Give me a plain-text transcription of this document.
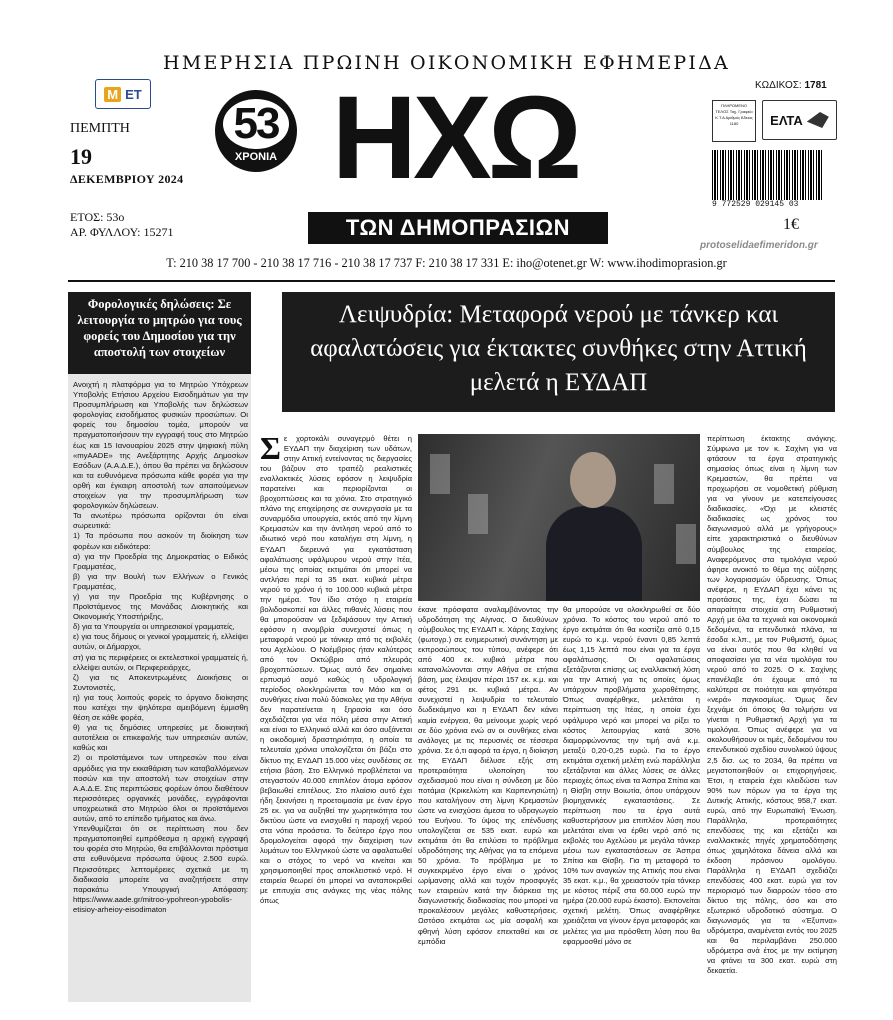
ΗΜΕΡΗΣΙΑ ΠΡΩΙΝΗ ΟΙΚΟΝΟΜΙΚΗ ΕΦΗΜΕΡΙΔΑ
M ET
ΠΕΜΠΤΗ
19
ΔΕΚΕΜΒΡΙΟΥ 2024
ΕΤΟΣ: 53ο
ΑΡ. ΦΥΛΛΟΥ: 15271
53
ΧΡΟΝΙΑ ΗΧΩ
ΤΩΝ ΔΗΜΟΠΡΑΣΙΩΝ
ΚΩΔΙΚΟΣ: 1781
ΠΛΗΡΩΜΕΝΟ ΤΕΛΟΣ Ταχ. Γραφείο Κ.Τ.Α Αριθμός Άδειας 1180	ΕΛΤΑ
9 772529 029145 03
1€
protoselidaefimeridon.gr
Τ: 210 38 17 700 - 210 38 17 716 - 210 38 17 737 F: 210 38 17 331 E: iho@otenet.gr W: www.ihodimoprasion.gr
Φορολογικές δηλώσεις: Σε λειτουργία το μητρώο για τους φορείς του Δημοσίου για την αποστολή των στοιχείων

Ανοιχτή η πλατφόρμα για το Μητρώο Υπόχρεων Υποβολής Ετήσιου Αρχείου Εισοδημάτων για την Προσυμπλήρωση και Υποβολής των δηλώσεων φορολογίας εισοδήματος φυσικών προσώπων. Οι φορείς του δημοσίου τομέα, μπορούν να πραγματοποιήσουν την εγγραφή τους στο Μητρώο έως και 15 Ιανουαρίου 2025 στην ψηφιακή πύλη «myAADE» της Ανεξάρτητης Αρχής Δημοσίων Εσόδων (Α.Α.Δ.Ε.), όπου θα πρέπει να δηλώσουν και τα ευθυνόμενα πρόσωπα κάθε φορέα για την ορθή και έγκαιρη αποστολή των απαιτούμενων στοιχείων για την προσυμπλήρωση των φορολογικών δηλώσεων.

Τα ανωτέρω πρόσωπα ορίζονται ότι είναι σωρευτικά:

1) Τα πρόσωπα που ασκούν τη διοίκηση των φορέων και ειδικότερα:

α) για την Προεδρία της Δημοκρατίας ο Ειδικός Γραμματέας,

β) για την Βουλή των Ελλήνων ο Γενικός Γραμματέας,

γ) για την Προεδρία της Κυβέρνησης ο Προϊστάμενος της Μονάδας Διοικητικής και Οικονομικής Υποστήριξης,

δ) για τα Υπουργεία οι υπηρεσιακοί γραμματείς,

ε) για τους δήμους οι γενικοί γραμματείς ή, ελλείψει αυτών, οι Δήμαρχοι,

στ) για τις περιφέρειες οι εκτελεστικοί γραμματείς ή, ελλείψει αυτών, οι Περιφερειάρχες,

ζ) για τις Αποκεντρωμένες Διοικήσεις οι Συντονιστές,

η) για τους λοιπούς φορείς το όργανο διοίκησης που κατέχει την ψηλότερα αμειβόμενη έμμισθη θέση σε κάθε φορέα,

θ) για τις δημόσιες υπηρεσίες με διοικητική αυτοτέλεια οι επικεφαλής των υπηρεσιών αυτών, καθώς και

2) οι προϊστάμενοι των υπηρεσιών που είναι αρμόδιες για την εκκαθάριση των καταβαλλόμενων ποσών και την αποστολή των στοιχείων στην Α.Α.Δ.Ε. Στις περιπτώσεις φορέων όπου διαθέτουν περισσότερες οργανικές μονάδες, εγγράφονται υποχρεωτικά στο Μητρώο όλοι οι προϊστάμενοι αυτών, από το επίπεδο τμήματος και άνω.

Υπενθυμίζεται ότι σε περίπτωση που δεν πραγματοποιηθεί εμπρόθεσμα η αρχική εγγραφή του φορέα στο Μητρώο, θα επιβάλλονται πρόστιμα στα ευθυνόμενα πρόσωπα ύψους 2.500 ευρώ. Περισσότερες λεπτομέρειες σχετικά με τη διαδικασία μπορείτε να αναζητήσετε στην παρακάτω Υπουργική Απόφαση: https://www.aade.gr/mitroo-ypohreon-ypobolis-etisioy-arheioy-eisodimaton

Λειψυδρία: Μεταφορά νερού με τάνκερ και αφαλατώσεις για έκτακτες συνθήκες στην Αττική μελετά η ΕΥΔΑΠ
Σε χορτοκάλι συναγερμό θέτει η ΕΥΔΑΠ την διαχείριση των υδάτων, στην Αττική εντείνοντας τις διεργασίες του βάζουν στο τραπέζι ρεαλιστικές εναλλακτικές λύσεις εφόσον η λειψυδρία παρατείνει και περιορίζονται οι βροχοπτώσεις και τα χιόνια. Στο στρατηγικό πλάνο της επιχείρησης σε συνεργασία με τα συναρμόδια υπουργεία, εκτός από την λίμνη Κρεμαστών και την άντληση νερού από το ιδιωτικό νερό που καταλήγει στη λίμνη, η ΕΥΔΑΠ διερευνά για εγκατάσταση αφαλάτωσης υφάλμυρου νερού στην Ιτέα, μέσω της οποίας εκτιμάται ότι μπορεί να αντλήσει περί τα 35 εκατ. κυβικά μέτρα νερού το χρόνο ή το 100.000 κυβικά μέτρα την ημέρα. Τον ίδιο στόχο η εταιρεία βολιδοσκοπεί και άλλες πιθανές λύσεις που θα μπορούσαν να ξεδιψάσουν την Αττική εφόσον η ανομβρία συνεχιστεί όπως η μεταφορά νερού με τάνκερ από τις εκβολές του Αχελώου. Ο Νοέμβριος ήταν καλύτερος από τον Οκτώβριο από πλευράς βροχοπτώσεων. Όμως αυτό δεν σημαίνει ερπυσμό ασμό καθώς η υδρολογική περίοδος ολοκληρώνεται τον Μάιο και οι συνθήκες είναι πολύ δύσκολες για την Αθήνα δεν παρατείνεται η ξηρασία και όσο σχεδιάζεται για νέα πόλη μέσα στην Αττική και είναι το Ελληνικό αλλά και όσο αυξάνεται η οικοδομική δραστηριότητα, η οποία τα τελευταία χρόνια υπολογίζεται ότι βάζει στο δίκτυο της ΕΥΔΑΠ 15.000 νέες συνδέσεις σε ετήσια βάση. Στο Ελληνικό προβλέπεται να στεγαστούν 40.000 επιπλέον άτομα εφόσον βεβαιωθεί επιτέλους. Στο πλαίσιο αυτό έχει ήδη ξεκινήσει η προετοιμασία με έναν έργο 25 εκ. για να αυξηθεί την χωρητικότητα του δικτύου ώστε να ενισχυθεί η παροχή νερού στα νότια προάστια. Το δεύτερο έργο που δρομολογείται αφορά την διαχείριση των λυμάτων του Ελληνικού ώστε να αφαλατωθεί και ο στόχος το νερό να κινείται και χρησιμοποιηθεί προς αποκλειστικό νερό. Η εταιρεία θεωρεί ότι μπορεί να ανταποκριθεί με επιτυχία στις ανάγκες της νέας πόλης όπως
έκανε πρόσφατα αναλαμβάνοντας την υδροδότηση της Αίγινας. Ο διευθύνων σύμβουλος της ΕΥΔΑΠ κ. Χάρης Σαχίνης (φωτογρ.) σε ενημερωτική συνάντηση με εκπροσώπους του τύπου, ανέφερε ότι από 400 εκ. κυβικά μέτρα που καταναλώνονται στην Αθήνα σε ετήσια βάση, μας έλειψαν πέρσι 157 εκ. κ.μ. και φέτος 291 εκ. κυβικά μέτρα. Αν συνεχιστεί η λειψυδρία το τελευταίο δωδεκάμηνο και η ΕΥΔΑΠ δεν κάνει καμία ενέργεια, θα μείνουμε χωρίς νερό σε δύο χρόνια ενώ αν οι συνθήκες είναι ανάλογες με τις περυσινές σε τέσσερα χρόνια. Σε ό,τι αφορά τα έργα, η διοίκηση της ΕΥΔΑΠ διέλυσε εξής στη προτεραιότητα υλοποίηση του σχεδιασμού που είναι η σύνδεση με δύο ποτάμια (Κρικελιώτη και Καρπενησιώτη) που καταλήγουν στη λίμνη Κρεμαστών ώστε να ενισχύσει άμεσα το υδραγωγείο του Ευήνου. Το ύψος της επένδυσης υπολογίζεται σε 535 εκατ. ευρώ και εκτιμάται ότι θα επιλύσει το πρόβλημα υδροδότησης της Αθήνας για τα επόμενα 50 χρόνια. Το πρόβλημα με το συγκεκριμένο έργο είναι ο χρόνος ωρίμανσης αλλά και τυχόν προσφυγές των εταιρειών κατά την διάρκεια της διαγωνιστικής διαδικασίας που μπορεί να προκαλέσουν μεγάλες καθυστερήσεις. Ωστόσο εκτιμάται ως μία ασφαλή και φθηνή λύση εφόσον επεκταθεί και σε εμπόδια
θα μπορούσε να ολοκληρωθεί σε δύο χρόνια. Το κόστος του νερού από το έργο εκτιμάται ότι θα κοστίζει από 0,15 ευρώ το κ.μ. νερού έναντι 0,85 λεπτά έως 1,15 λεπτά που είναι για τα έργα αφαλάτωσης. Οι αφαλατώσεις εξετάζονται επίσης ως εναλλακτική λύση για την Αττική για τις οποίες όμως υπάρχουν προβλήματα χωροθέτησης. Όπως αναφέρθηκε, μελετάται η περίπτωση της Ιτέας, η οποία έχει υφάλμυρο νερό και μπορεί να ρίξει το κόστος λειτουργίας κατά 30% διαμορφώνοντας την τιμή ανά κ.μ. μεταξύ 0,20-0,25 ευρώ. Για το έργο εκτιμάται σχετική μελέτη ενώ παράλληλα εξετάζονται και άλλες λύσεις σε άλλες περιοχές όπως είναι τα Άσπρα Σπίτια και η Θίσβη στην Βοιωτία, όπου υπάρχουν βιομηχανικές εγκαταστάσεις. Σε περίπτωση που τα έργα αυτά καθυστερήσουν μια επιπλέον λύση που μελετάται είναι να έρθει νερό από τις εκβολές του Αχελώου με μεγάλα τάνκερ μέσω των εγκαταστάσεων σε Άσπρα Σπίτια και Θίσβη. Για τη μεταφορά το 10% των αναγκών της Αττικής που είναι 35 εκατ. κ.μ., θα χρειαστούν τρία τάνκερ με κόστος πέριξ στα 60.000 ευρώ την ημέρα (20.000 ευρώ έκαστο). Εκπονείται σχετική μελέτη. Όπως αναφέρθηκε χρειάζεται να γίνουν έργα μεταφοράς και μελέτες για μια πρόσθετη λύση που θα εφαρμοσθεί μόνο σε
περίπτωση έκτακτης ανάγκης. Σύμφωνα με τον κ. Σαχίνη για να φτάσουν τα έργα στρατηγικής σημασίας όπως είναι η λίμνη των Κρεμαστών, θα πρέπει να προχωρήσει σε νομοθετική ρύθμιση για να γίνουν με κατεπείγουσες διαδικασίες. «Όχι με κλειστές διαδικασίες ως χρόνος του διαγωνισμού αλλά με γρήγορους» είπε χαρακτηριστικά ο διευθύνων σύμβουλος της εταιρείας. Αναφερόμενος στα τιμολόγια νερού άφησε ανοικτό το θέμα της αύξησης των λογαριασμών ύδρευσης. Όπως ανέφερε, η ΕΥΔΑΠ έχει κάνει τις προτάσεις της, έχει δώσει τα απαραίτητα στοιχεία στη Ρυθμιστική Αρχή με όλα τα τεχνικά και οικονομικά δεδομένα, τα επενδυτικά πλάνα, τα έσοδα κ.λπ., με τον Ρυθμιστή, όμως να είναι αυτός που θα κληθεί να αποφασίσει για τα νέα τιμολόγια του νερού από το 2025. Ο κ. Σαχίνης επανέλαβε ότι έχουμε από τα καλύτερα σε ποιότητα και φτηνότερα «νερά» παγκοσμίως. Όμως δεν ξεχνάμε ότι όποιος θα τολμήσει να γίνεται η Ρυθμιστική Αρχή για τα τιμολόγια. Όπως ανέφερε για να ακολουθήσουν οι τιμές, δεδομένου του επενδυτικού σχεδίου συνολικού ύψους 2,5 δισ. ως το 2034, θα πρέπει να μεγιστοποιηθούν οι επιχορηγήσεις. Έτσι, η εταιρεία έχει κλειδώσει των 90% των πόρων για τα έργα της Δυτικής Αττικής, κόστους 958,7 εκατ. ευρώ, από την Ευρωπαϊκή Ένωση. Παράλληλα, προτεραιότητες επενδύσεις της και εξετάζει και εναλλακτικές πηγές χρηματοδότησης όπως χαμηλότοκα δάνεια αλλά και έκδοση πράσινου ομολόγου. Παράλληλα η ΕΥΔΑΠ σχεδιάζει επενδύσεις 400 εκατ. ευρώ για τον περιορισμό των διαρροών τόσο στο δίκτυο της πόλης, όσο και στο εξωτερικό υδροδοτικό σύστημα. Ο διαγωνισμός για τα «Έξυπνα» υδρόμετρα, αναμένεται εντός του 2025 και θα περιλαμβάνει 250.000 υδρόμετρα ανά έτος με την εκτίμηση να φτάνει τα 300 εκατ. ευρώ στη δεκαετία.
